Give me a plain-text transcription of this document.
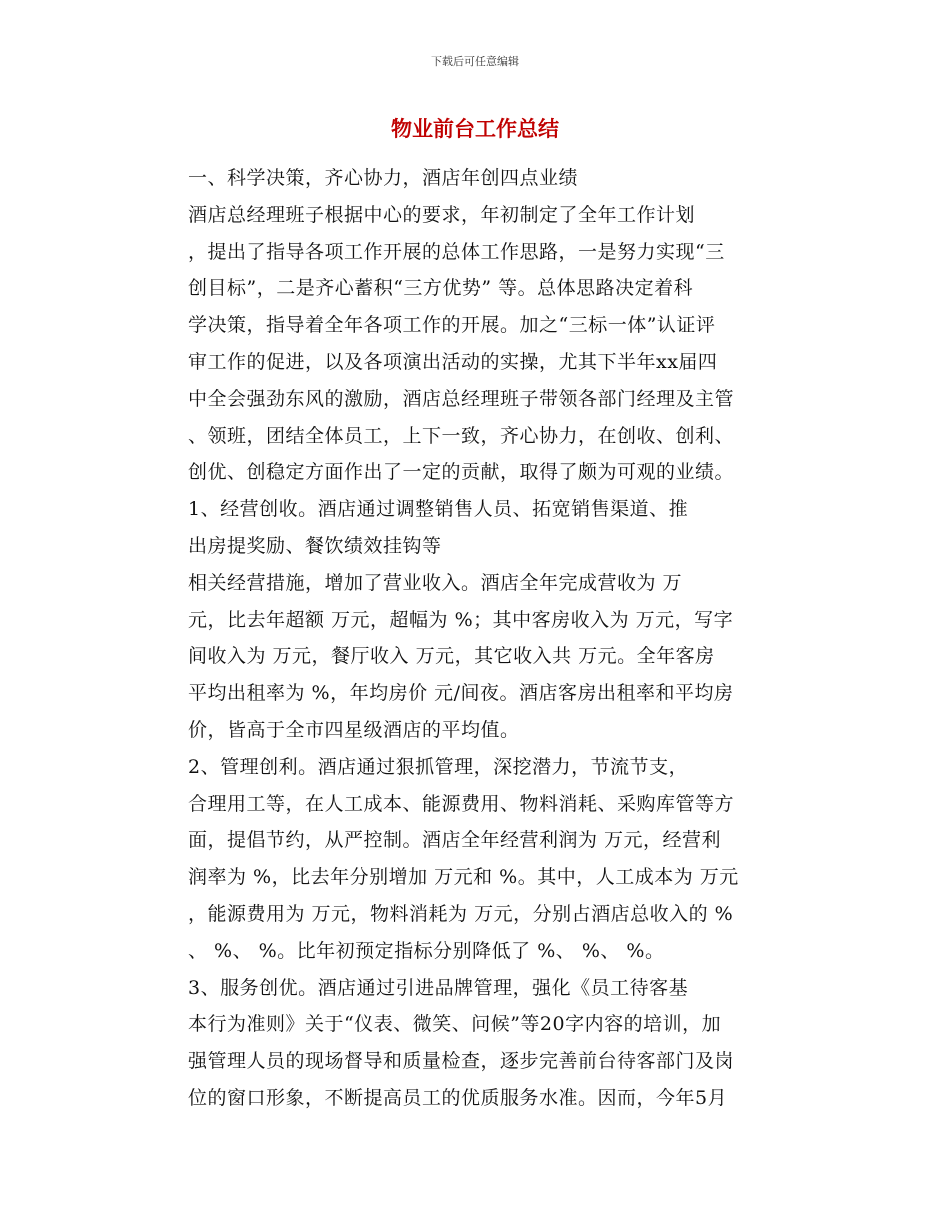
下载后可任意编辑
物业前台工作总结
一、科学决策，齐心协力，酒店年创四点业绩
酒店总经理班子根据中心的要求，年初制定了全年工作计划
，提出了指导各项工作开展的总体工作思路，一是努力实现“三
创目标”，二是齐心蓄积“三方优势” 等。总体思路决定着科
学决策，指导着全年各项工作的开展。加之“三标一体”认证评
审工作的促进，以及各项演出活动的实操，尤其下半年xx届四
中全会强劲东风的激励，酒店总经理班子带领各部门经理及主管
、领班，团结全体员工，上下一致，齐心协力，在创收、创利、
创优、创稳定方面作出了一定的贡献，取得了颇为可观的业绩。
1、经营创收。酒店通过调整销售人员、拓宽销售渠道、推
出房提奖励、餐饮绩效挂钩等
相关经营措施，增加了营业收入。酒店全年完成营收为 万
元，比去年超额 万元，超幅为 %；其中客房收入为 万元，写字
间收入为 万元，餐厅收入 万元，其它收入共 万元。全年客房
平均出租率为 %，年均房价 元/间夜。酒店客房出租率和平均房
价，皆高于全市四星级酒店的平均值。
2、管理创利。酒店通过狠抓管理，深挖潜力，节流节支，
合理用工等，在人工成本、能源费用、物料消耗、采购库管等方
面，提倡节约，从严控制。酒店全年经营利润为 万元，经营利
润率为 %，比去年分别增加 万元和 %。其中，人工成本为 万元
，能源费用为 万元，物料消耗为 万元，分别占酒店总收入的 %
、 %、 %。比年初预定指标分别降低了 %、 %、 %。
3、服务创优。酒店通过引进品牌管理，强化《员工待客基
本行为准则》关于“仪表、微笑、问候”等20字内容的培训，加
强管理人员的现场督导和质量检查，逐步完善前台待客部门及岗
位的窗口形象，不断提高员工的优质服务水准。因而，今年5月
